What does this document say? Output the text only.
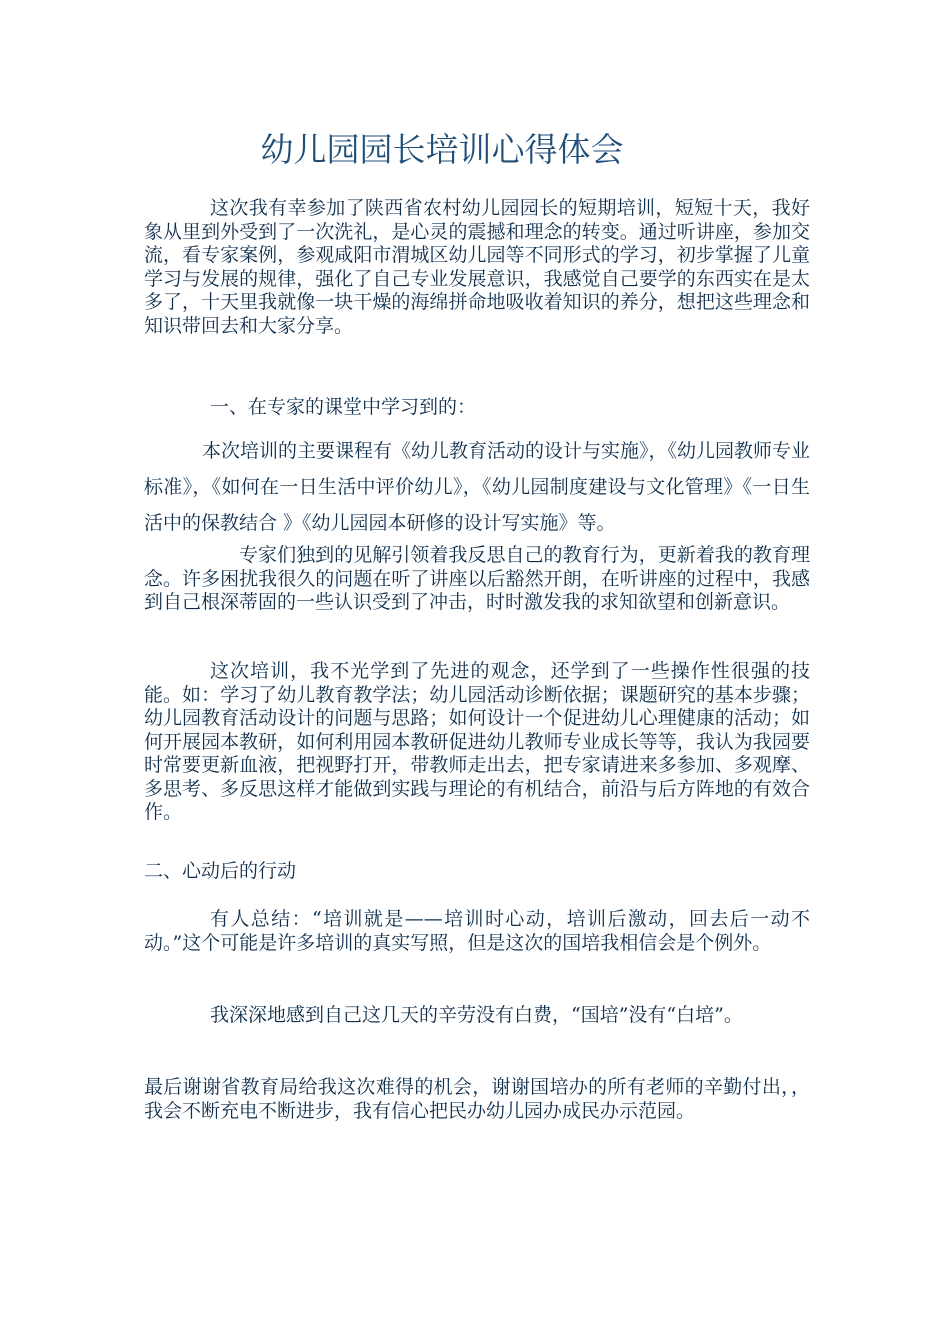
幼儿园园长培训心得体会

这次我有幸参加了陕西省农村幼儿园园长的短期培训，短短十天，我好象从里到外受到了一次洗礼，是心灵的震撼和理念的转变。通过听讲座，参加交流，看专家案例，参观咸阳市渭城区幼儿园等不同形式的学习，初步掌握了儿童学习与发展的规律，强化了自己专业发展意识，我感觉自己要学的东西实在是太多了，十天里我就像一块干燥的海绵拼命地吸收着知识的养分，想把这些理念和知识带回去和大家分享。

一、在专家的课堂中学习到的：

本次培训的主要课程有《幼儿教育活动的设计与实施》，《幼儿园教师专业标准》，《如何在一日生活中评价幼儿》，《幼儿园制度建设与文化管理》《一日生活中的保教结合 》《幼儿园园本研修的设计写实施》等。

专家们独到的见解引领着我反思自己的教育行为，更新着我的教育理念。许多困扰我很久的问题在听了讲座以后豁然开朗，在听讲座的过程中，我感到自己根深蒂固的一些认识受到了冲击，时时激发我的求知欲望和创新意识。

这次培训，我不光学到了先进的观念，还学到了一些操作性很强的技能。如：学习了幼儿教育教学法；幼儿园活动诊断依据；课题研究的基本步骤；幼儿园教育活动设计的问题与思路；如何设计一个促进幼儿心理健康的活动；如何开展园本教研，如何利用园本教研促进幼儿教师专业成长等等，我认为我园要时常要更新血液，把视野打开，带教师走出去，把专家请进来多参加、多观摩、多思考、多反思这样才能做到实践与理论的有机结合，前沿与后方阵地的有效合作。

二、心动后的行动

有人总结：“培训就是——培训时心动，培训后激动，回去后一动不动。”这个可能是许多培训的真实写照，但是这次的国培我相信会是个例外。

我深深地感到自己这几天的辛劳没有白费，“国培”没有“白培”。

最后谢谢省教育局给我这次难得的机会，谢谢国培办的所有老师的辛勤付出，，我会不断充电不断进步，我有信心把民办幼儿园办成民办示范园。
